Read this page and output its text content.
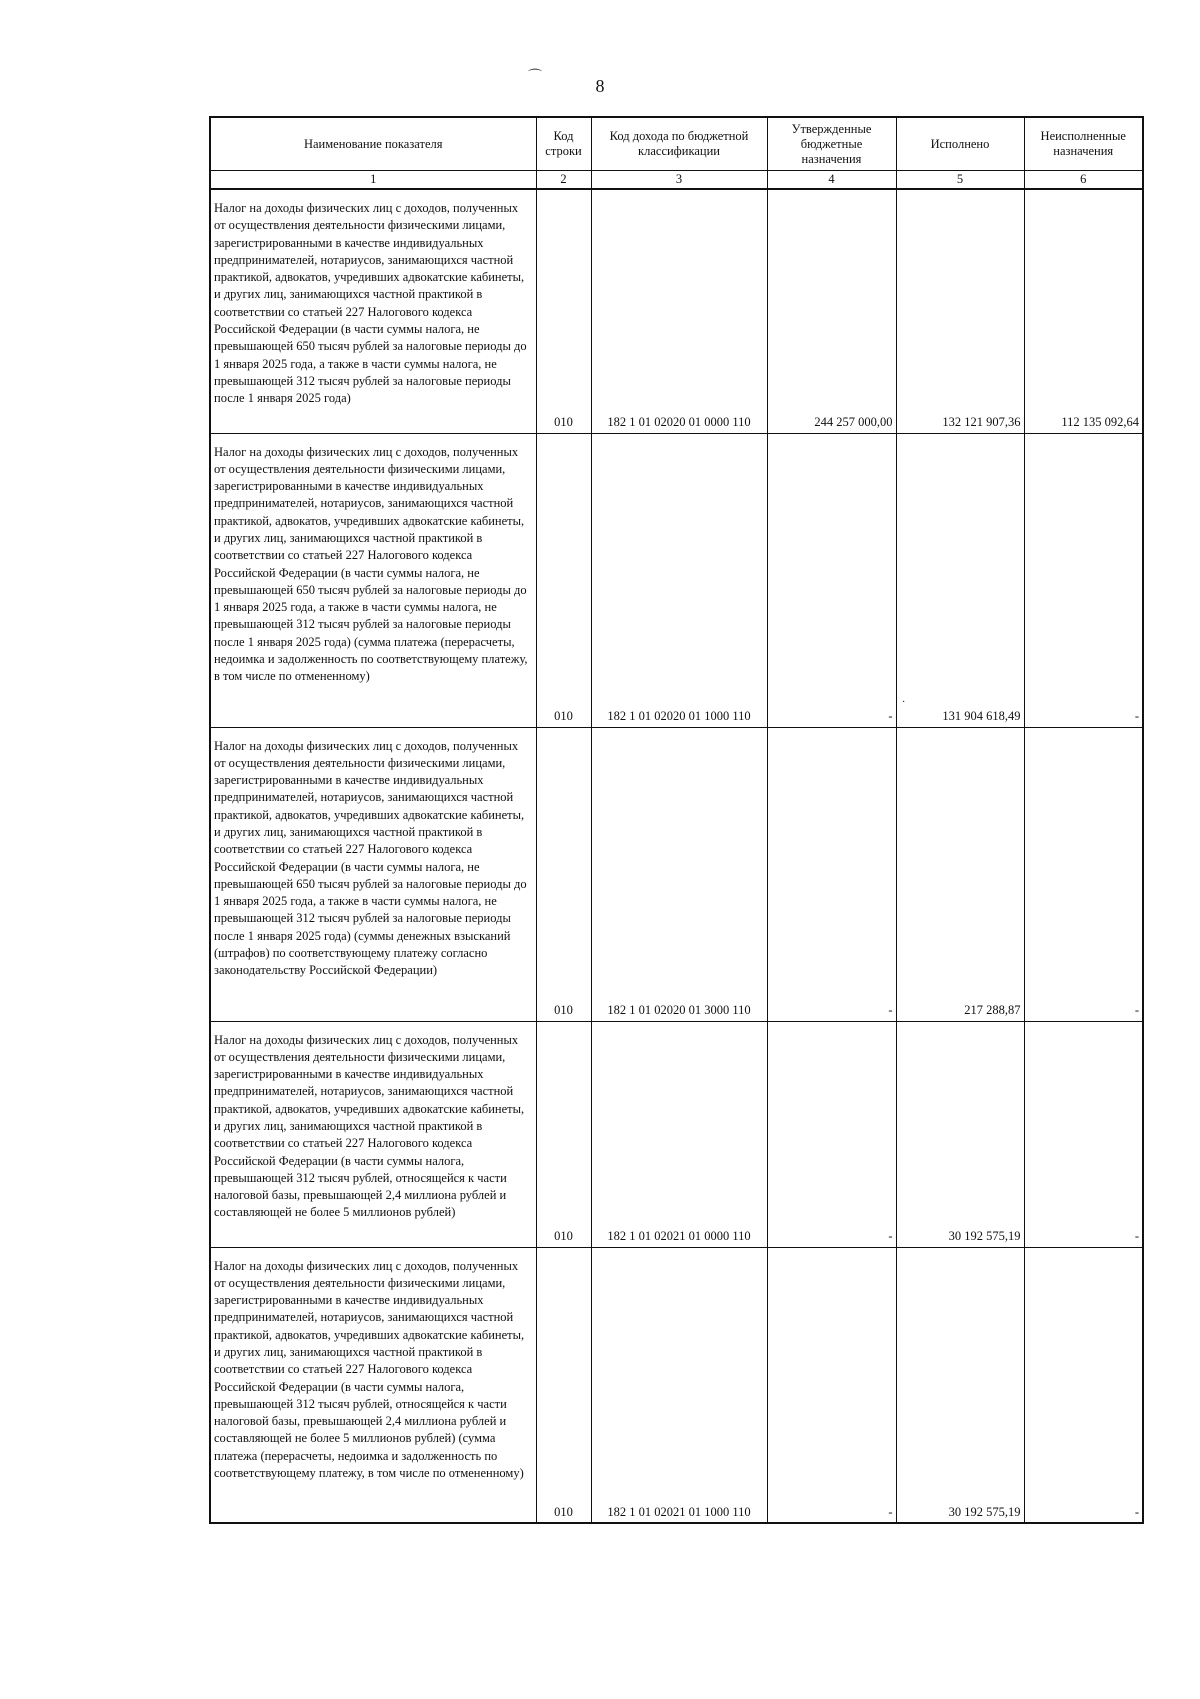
⌒	8
Наименование показателя	Код строки	Код дохода по бюджетной классификации	Утвержденные бюджетные назначения	Исполнено	Неисполненные назначения
1	2	3	4	5	6
Налог на доходы физических лиц с доходов, полученных от осуществления деятельности физическими лицами, зарегистрированными в качестве индивидуальных предпринимателей, нотариусов, занимающихся частной практикой, адвокатов, учредивших адвокатские кабинеты, и других лиц, занимающихся частной практикой в соответствии со статьей 227 Налогового кодекса Российской Федерации (в части суммы налога, не превышающей 650 тысяч рублей за налоговые периоды до 1 января 2025 года, а также в части суммы налога, не превышающей 312 тысяч рублей за налоговые периоды после 1 января 2025 года)	010	182 1 01 02020 01 0000 110	244 257 000,00	132 121 907,36	112 135 092,64
Налог на доходы физических лиц с доходов, полученных от осуществления деятельности физическими лицами, зарегистрированными в качестве индивидуальных предпринимателей, нотариусов, занимающихся частной практикой, адвокатов, учредивших адвокатские кабинеты, и других лиц, занимающихся частной практикой в соответствии со статьей 227 Налогового кодекса Российской Федерации (в части суммы налога, не превышающей 650 тысяч рублей за налоговые периоды до 1 января 2025 года, а также в части суммы налога, не превышающей 312 тысяч рублей за налоговые периоды после 1 января 2025 года) (сумма платежа (перерасчеты, недоимка и задолженность по соответствующему платежу, в том числе по отмененному)	010	182 1 01 02020 01 1000 110	-	131 904 618,49	-
Налог на доходы физических лиц с доходов, полученных от осуществления деятельности физическими лицами, зарегистрированными в качестве индивидуальных предпринимателей, нотариусов, занимающихся частной практикой, адвокатов, учредивших адвокатские кабинеты, и других лиц, занимающихся частной практикой в соответствии со статьей 227 Налогового кодекса Российской Федерации (в части суммы налога, не превышающей 650 тысяч рублей за налоговые периоды до 1 января 2025 года, а также в части суммы налога, не превышающей 312 тысяч рублей за налоговые периоды после 1 января 2025 года) (суммы денежных взысканий (штрафов) по соответствующему платежу согласно законодательству Российской Федерации)	010	182 1 01 02020 01 3000 110	-	217 288,87	-
Налог на доходы физических лиц с доходов, полученных от осуществления деятельности физическими лицами, зарегистрированными в качестве индивидуальных предпринимателей, нотариусов, занимающихся частной практикой, адвокатов, учредивших адвокатские кабинеты, и других лиц, занимающихся частной практикой в соответствии со статьей 227 Налогового кодекса Российской Федерации (в части суммы налога, превышающей 312 тысяч рублей, относящейся к части налоговой базы, превышающей 2,4 миллиона рублей и составляющей не более 5 миллионов рублей)	010	182 1 01 02021 01 0000 110	-	30 192 575,19	-
Налог на доходы физических лиц с доходов, полученных от осуществления деятельности физическими лицами, зарегистрированными в качестве индивидуальных предпринимателей, нотариусов, занимающихся частной практикой, адвокатов, учредивших адвокатские кабинеты, и других лиц, занимающихся частной практикой в соответствии со статьей 227 Налогового кодекса Российской Федерации (в части суммы налога, превышающей 312 тысяч рублей, относящейся к части налоговой базы, превышающей 2,4 миллиона рублей и составляющей не более 5 миллионов рублей) (сумма платежа (перерасчеты, недоимка и задолженность по соответствующему платежу, в том числе по отмененному)	010	182 1 01 02021 01 1000 110	-	30 192 575,19	-
·
